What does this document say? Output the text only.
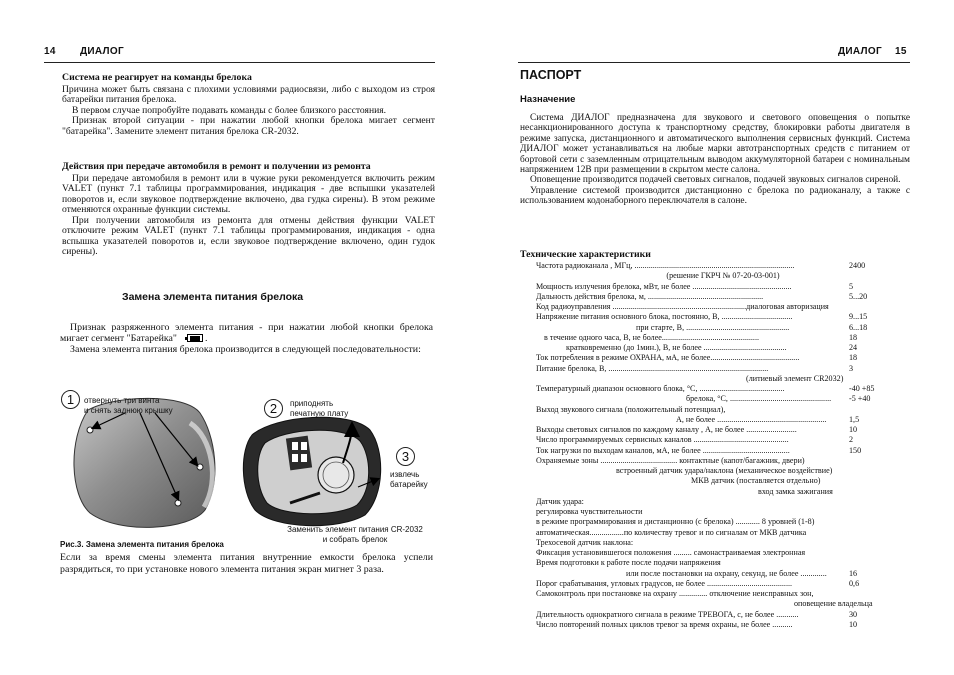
14 ДИАЛОГ
Система не реагирует на команды брелока

Причина может быть связана с плохими условиями радиосвязи, либо с выходом из строя батарейки питания брелока.

В первом случае попробуйте подавать команды с более близкого расстояния.

Признак второй ситуации - при нажатии любой кнопки брелока мигает сегмент "батарейка". Замените элемент питания брелока CR-2032.

Действия при передаче автомобиля в ремонт и получении из ремонта

При передаче автомобиля в ремонт или в чужие руки рекомендуется включить режим VALET (пункт 7.1 таблицы программирования, индикация - две вспышки указателей поворотов и, если звуковое подтверждение включено, два гудка сирены). В этом режиме отменяются охранные функции системы.

При получении автомобиля из ремонта для отмены действия функции VALET отключите режим VALET (пункт 7.1 таблицы программирования, индикация - одна вспышка указателей поворотов и, если звуковое подтверждение включено, один гудок сирены).

Замена элемента питания брелока

Признак разряженного элемента питания - при нажатии любой кнопки брелока мигает сегмент "Батарейка"	.

Замена элемента питания брелока производится в следующей последовательности:

1	отвернуть три винта
и снять заднюю крышку	2	приподнять
печатную плату
3
извлечь
батарейку
Заменить элемент питания CR-2032
и собрать брелок
Рис.3. Замена элемента питания брелока

Если за время смены элемента питания внутренние емкости брелока успели разрядиться, то при установке нового элемента питания экран мигнет 3 раза.

ДИАЛОГ 15
ПАСПОРТ
Назначение

Система ДИАЛОГ предназначена для звукового и светового оповещения о попытке несанкционированного доступа к транспортному средству, блокировки работы двигателя в режиме запуска, дистанционного и автоматического выполнения сервисных функций. Система ДИАЛОГ может устанавливаться на любые марки автотранспортных средств с питанием от бортовой сети с заземленным отрицательным выводом аккумуляторной батареи с номинальным напряжением 12В при размещении в скрытом месте салона.

Оповещение производится подачей световых сигналов, подачей звуковых сигналов сиреной.

Управление системой производится дистанционно с брелока по радиоканалу, а также с использованием кодонаборного переключателя в салоне.

Технические характеристики
Частота радиоканала , МГц, ...............................................................................	2400
(решение ГКРЧ № 07-20-03-001)
Мощность излучения брелока, мВт, не более .................................................	5
Дальность действия брелока, м, .........................................................	5...20
Код радиоуправления ..................................................................диалоговая авторизация
Напряжение питания основного блока, постоянно, В, ...................................	9...15
при старте, В, ...................................................	6...18
в течение одного часа, В, не более................................................	18
кратковременно (до 1мин.), В, не более .........................................	24
Ток потребления в режиме ОХРАНА, мА, не более............................................	18
Питание брелока, В, ...............................................................................	3
(литиевый элемент CR2032)
Температурный диапазон основного блока, °С, ..........................................	-40 +85
брелока, °С, .................................................. -5 +40
Выход звукового сигнала (положительный потенциал),
А, не более ......................................................	1,5
Выходы световых сигналов по каждому каналу , А, не более .........................	10
Число программируемых сервисных каналов ...............................................	2
Ток нагрузки по выходам каналов, мА, не более ...........................................	150
Охраняемые зоны ...................................... контактные (капот/багажник, двери)
встроенный датчик удара/наклона (механическое воздействие)
МКВ датчик (поставляется отдельно)
вход замка зажигания
Датчик удара:
регулировка чувствительности
в режиме программирования и дистанционно (с брелока) ............ 8 уровней (1-8)
автоматическая.................по количеству тревог и по сигналам от МКВ датчика
Трехосевой датчик наклона:
Фиксация установившегося положения ......... самонастраиваемая электронная
Время подготовки к работе после подачи напряжения
или после постановки на охрану, секунд, не более .............	16
Порог срабатывания, угловых градусов, не более ..........................................	0,6
Самоконтроль при постановке на охрану .............. отключение неисправных зон,
оповещение владельца
Длительность однократного сигнала в режиме ТРЕВОГА, с, не более ...........	30
Число повторений полных циклов тревог за время охраны, не более ..........	10
